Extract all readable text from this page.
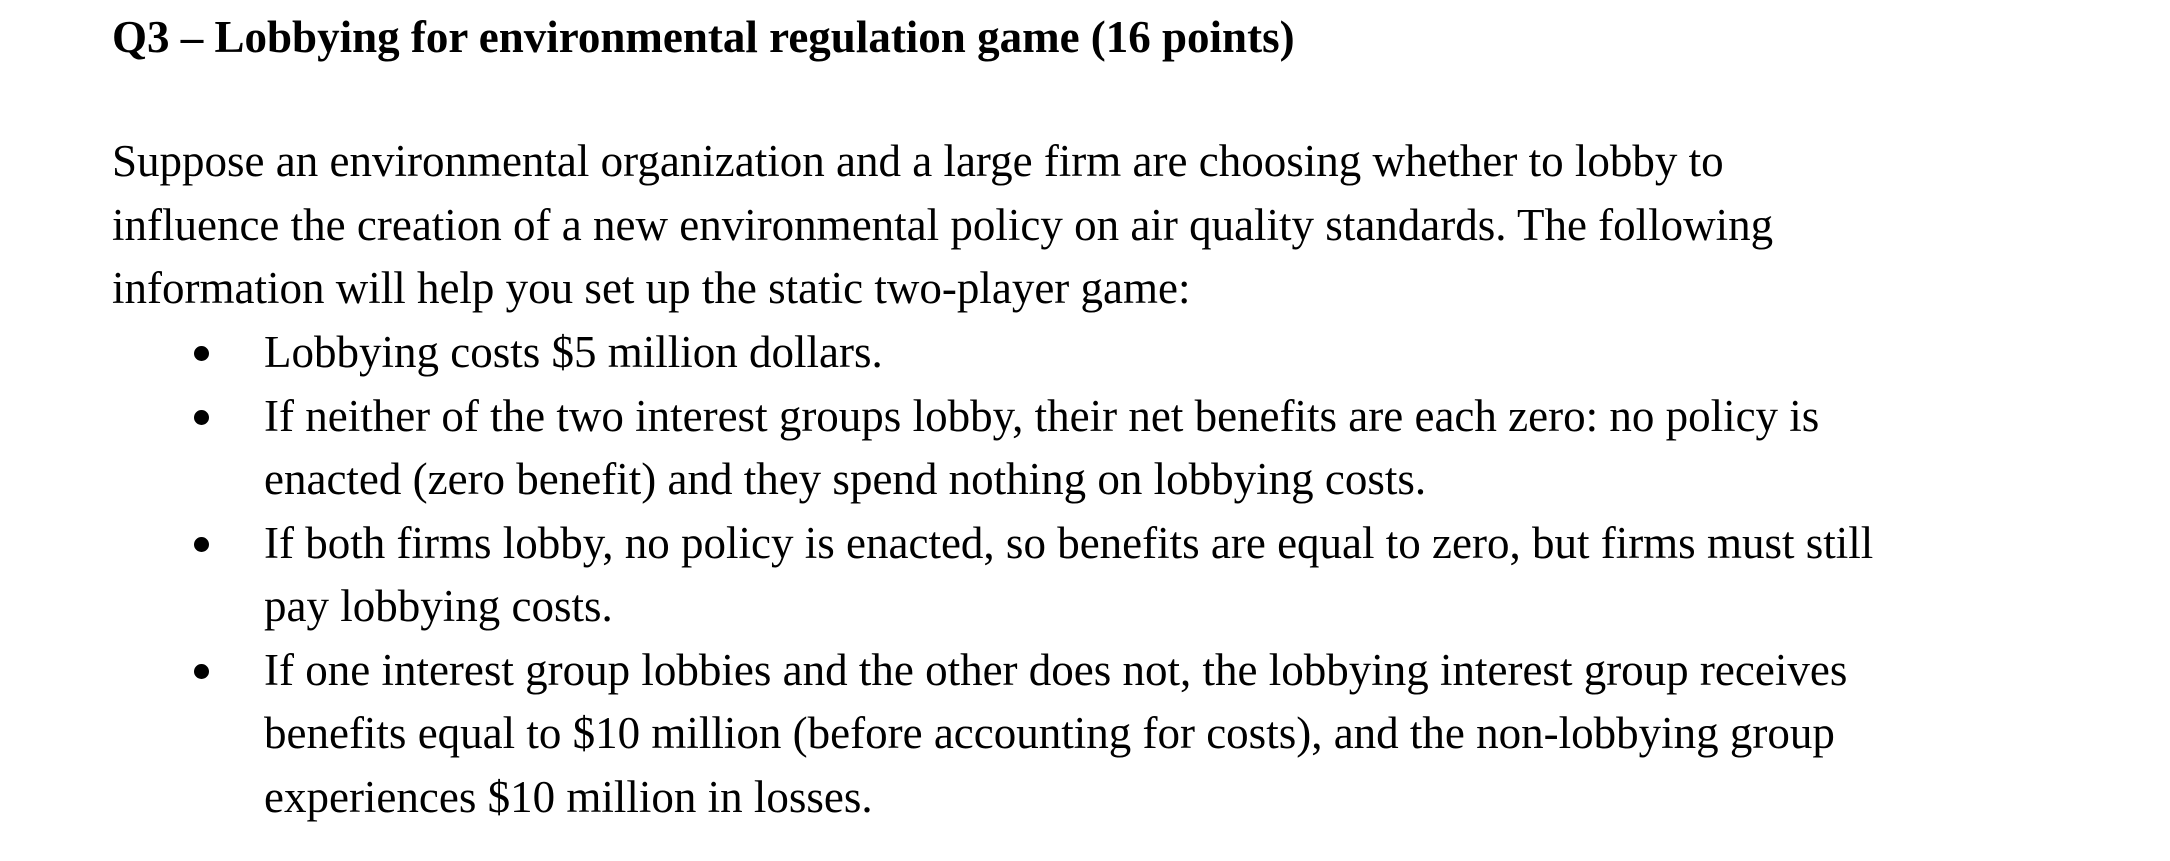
Q3 – Lobbying for environmental regulation game (16 points)

Suppose an environmental organization and a large firm are choosing whether to lobby to
influence the creation of a new environmental policy on air quality standards. The following
information will help you set up the static two-player game:

Lobbying costs $5 million dollars.
If neither of the two interest groups lobby, their net benefits are each zero: no policy is
enacted (zero benefit) and they spend nothing on lobbying costs.
If both firms lobby, no policy is enacted, so benefits are equal to zero, but firms must still
pay lobbying costs.
If one interest group lobbies and the other does not, the lobbying interest group receives
benefits equal to $10 million (before accounting for costs), and the non-lobbying group
experiences $10 million in losses.
